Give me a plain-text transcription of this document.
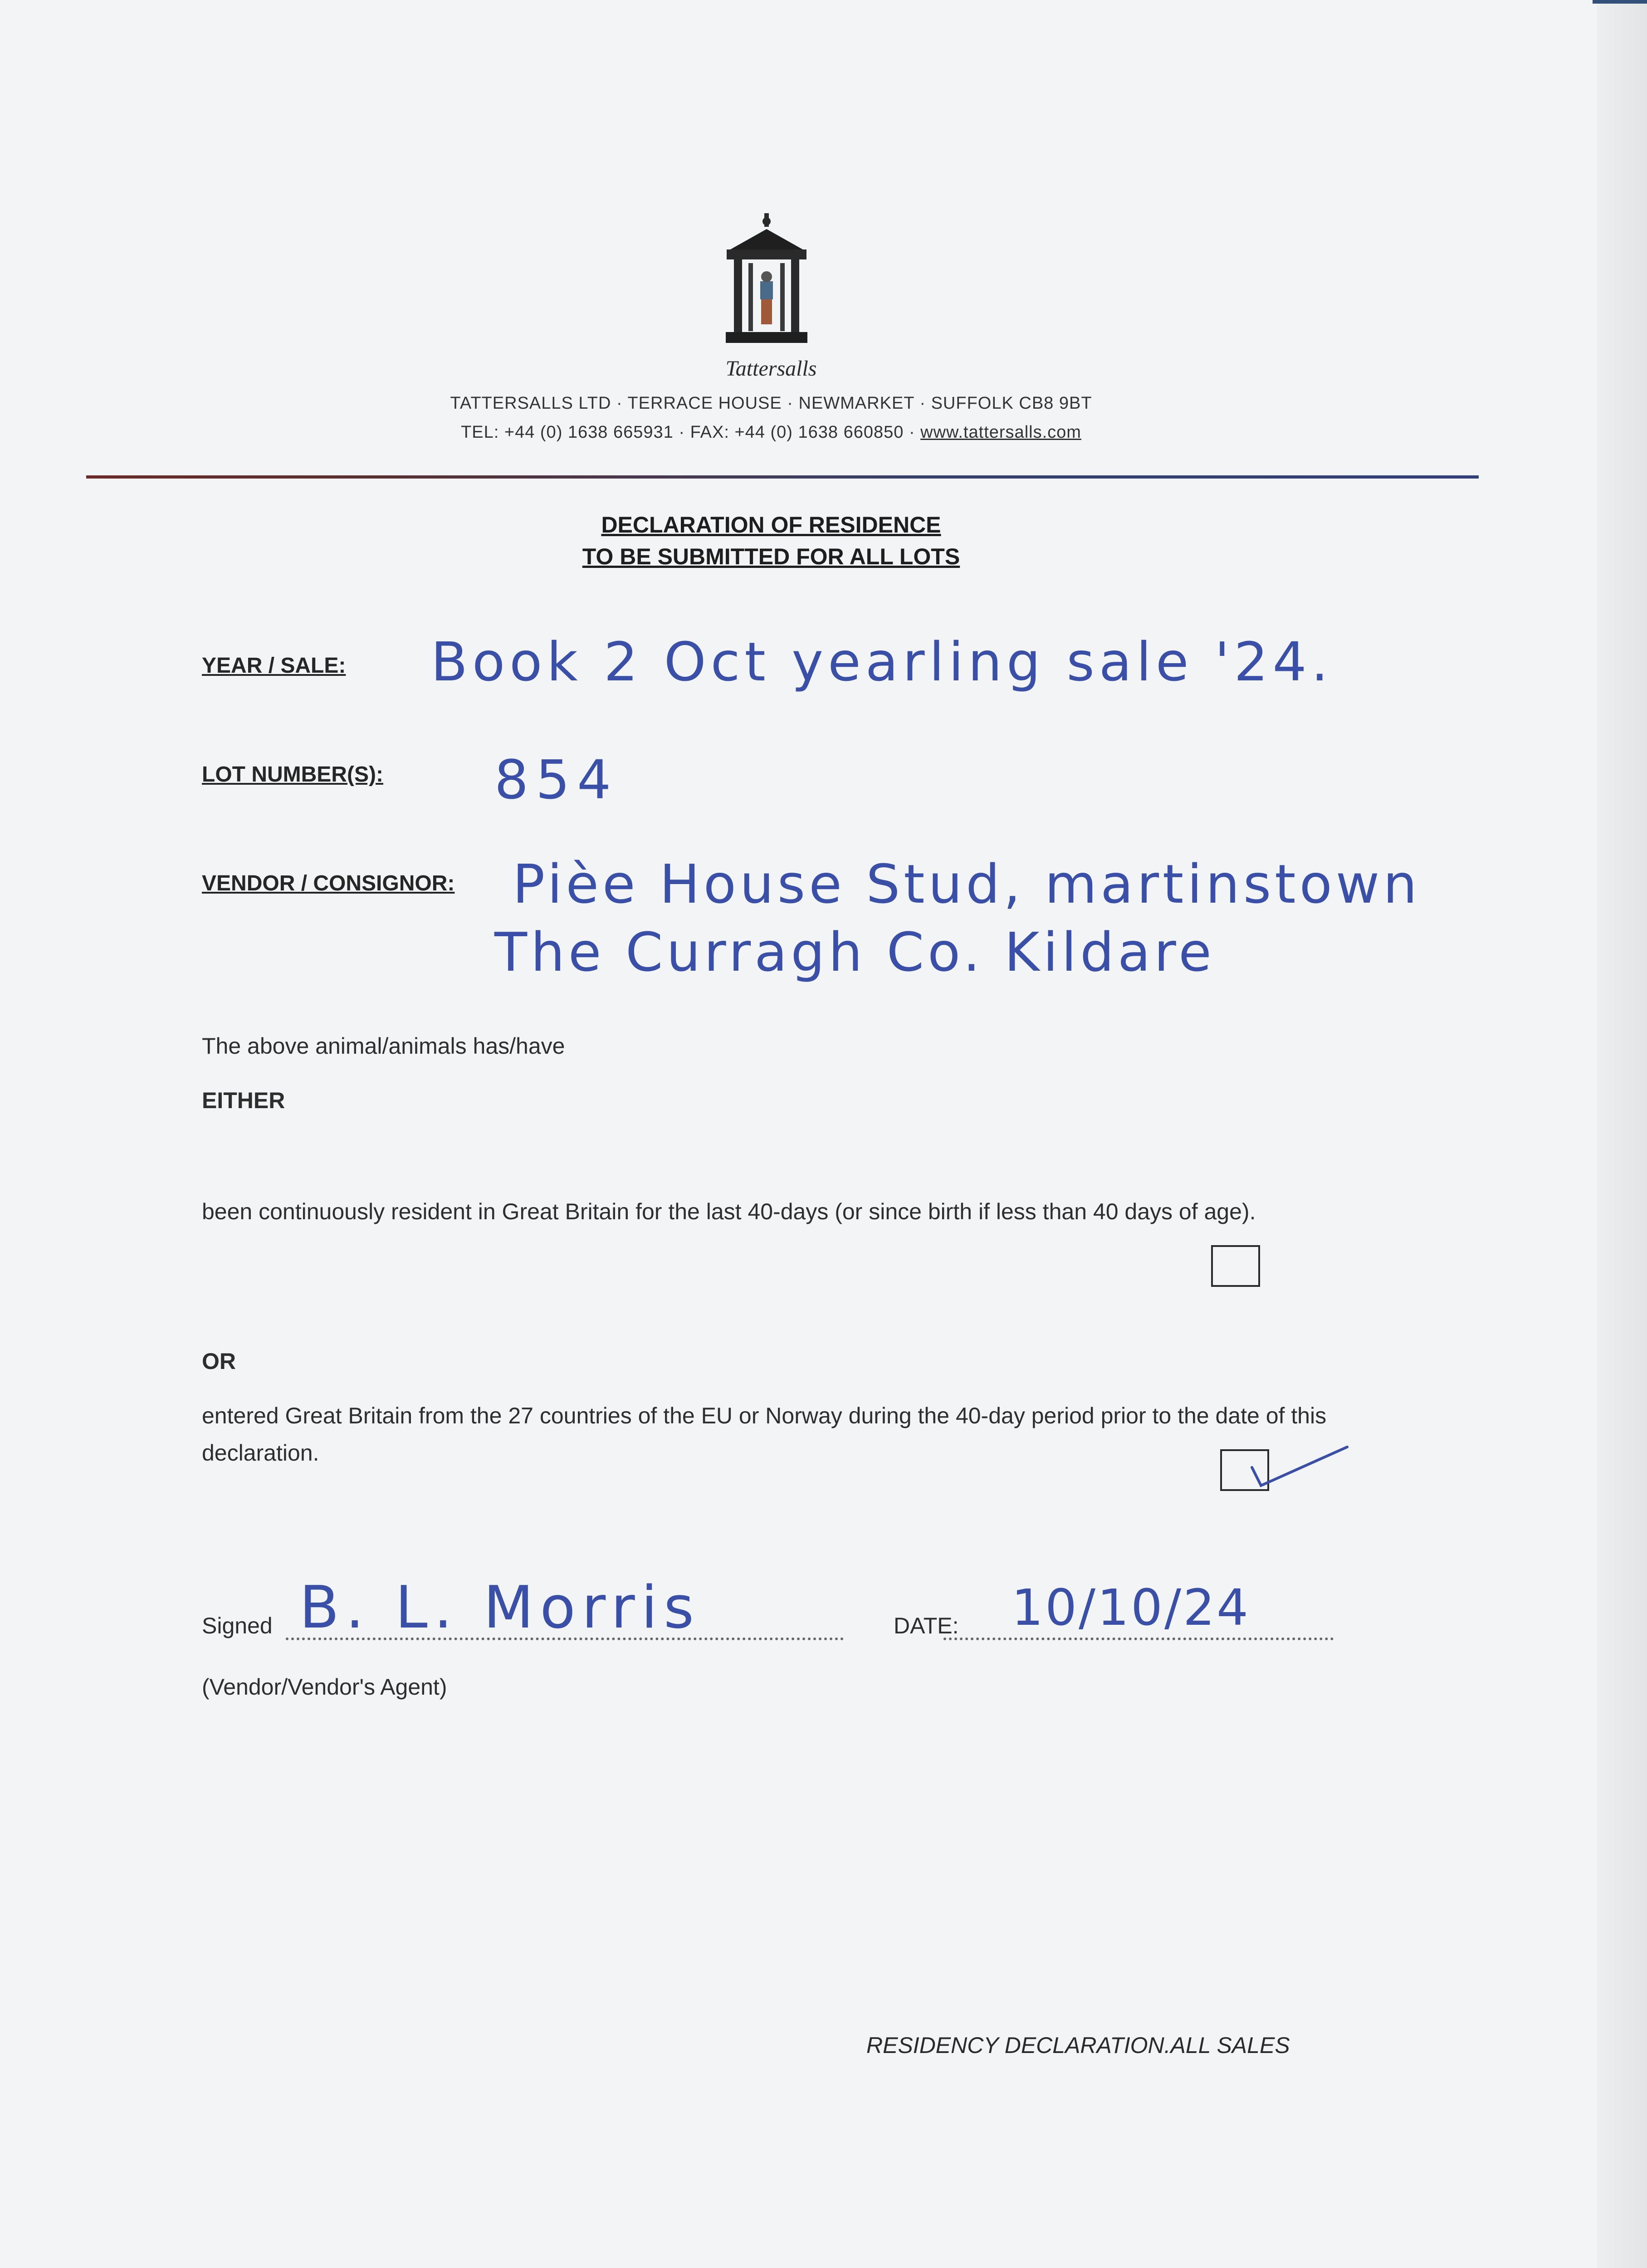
Tattersalls
TATTERSALLS LTD · TERRACE HOUSE · NEWMARKET · SUFFOLK CB8 9BT
TEL: +44 (0) 1638 665931 · FAX: +44 (0) 1638 660850 · www.tattersalls.com
DECLARATION OF RESIDENCE
TO BE SUBMITTED FOR ALL LOTS
YEAR / SALE: Book 2 Oct yearling sale '24.
LOT NUMBER(S): 854
VENDOR / CONSIGNOR: Pièe House Stud, martinstown
The Curragh Co. Kildare
The above animal/animals has/have
EITHER
been continuously resident in Great Britain for the last 40-days (or since birth if less than 40 days of age).
OR
entered Great Britain from the 27 countries of the EU or Norway during the 40-day period prior to the date of this declaration.
Signed B. L. Morris	DATE: 10/10/24
(Vendor/Vendor's Agent)
RESIDENCY DECLARATION.ALL SALES
